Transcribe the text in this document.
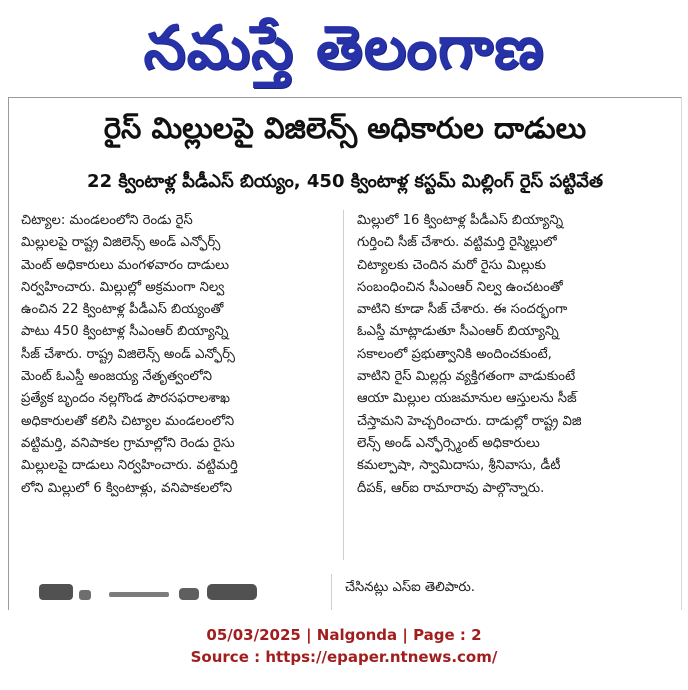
నమస్తే తెలంగాణ
రైస్ మిల్లులపై విజిలెన్స్ అధికారుల దాడులు
22 క్వింటాళ్ల పీడీఎస్ బియ్యం, 450 క్వింటాళ్ల కస్టమ్ మిల్లింగ్ రైస్ పట్టివేత
చిట్యాల: మండలంలోని రెండు రైస్
మిల్లులపై రాష్ట్ర విజిలెన్స్ అండ్ ఎన్ఫోర్స్
మెంట్ అధికారులు మంగళవారం దాడులు
నిర్వహించారు. మిల్లుల్లో అక్రమంగా నిల్వ
ఉంచిన 22 క్వింటాళ్ల పీడీఎస్ బియ్యంతో
పాటు 450 క్వింటాళ్ల సీఎంఆర్ బియ్యాన్ని
సీజ్ చేశారు. రాష్ట్ర విజిలెన్స్ అండ్ ఎన్ఫోర్స్
మెంట్ ఓఎస్డీ అంజయ్య నేతృత్వంలోని
ప్రత్యేక బృందం నల్లగొండ పౌరసఫరాలశాఖ
అధికారులతో కలిసి చిట్యాల మండలంలోని
వట్టిమర్తి, వనిపాకల గ్రామాల్లోని రెండు రైసు
మిల్లులపై దాడులు నిర్వహించారు. వట్టిమర్తి
లోని మిల్లులో 6 క్వింటాళ్లు, వనిపాకలలోని
మిల్లులో 16 క్వింటాళ్ల పీడీఎస్ బియ్యాన్ని
గుర్తించి సీజ్ చేశారు. వట్టిమర్తి రైస్మిల్లులో
చిట్యాలకు చెందిన మరో రైసు మిల్లుకు
సంబంధించిన సీఎంఆర్ నిల్వ ఉంచటంతో
వాటిని కూడా సీజ్ చేశారు. ఈ సందర్భంగా
ఓఎస్డీ మాట్లాడుతూ సీఎంఆర్ బియ్యాన్ని
సకాలంలో ప్రభుత్వానికి అందించకుంటే,
వాటిని రైస్ మిల్లర్లు వ్యక్తిగతంగా వాడుకుంటే
ఆయా మిల్లుల యజమానుల ఆస్తులను సీజ్
చేస్తామని హెచ్చరించారు. దాడుల్లో రాష్ట్ర విజి
లెన్స్ అండ్ ఎన్ఫోర్స్మెంట్ అధికారులు
కమల్పాషా, స్వామిదాసు, శ్రీనివాసు, డీటీ
దీపక్, ఆర్ఐ రామారావు పాల్గొన్నారు.
చేసినట్లు ఎస్ఐ తెలిపారు.
05/03/2025 | Nalgonda | Page : 2
Source : https://epaper.ntnews.com/
